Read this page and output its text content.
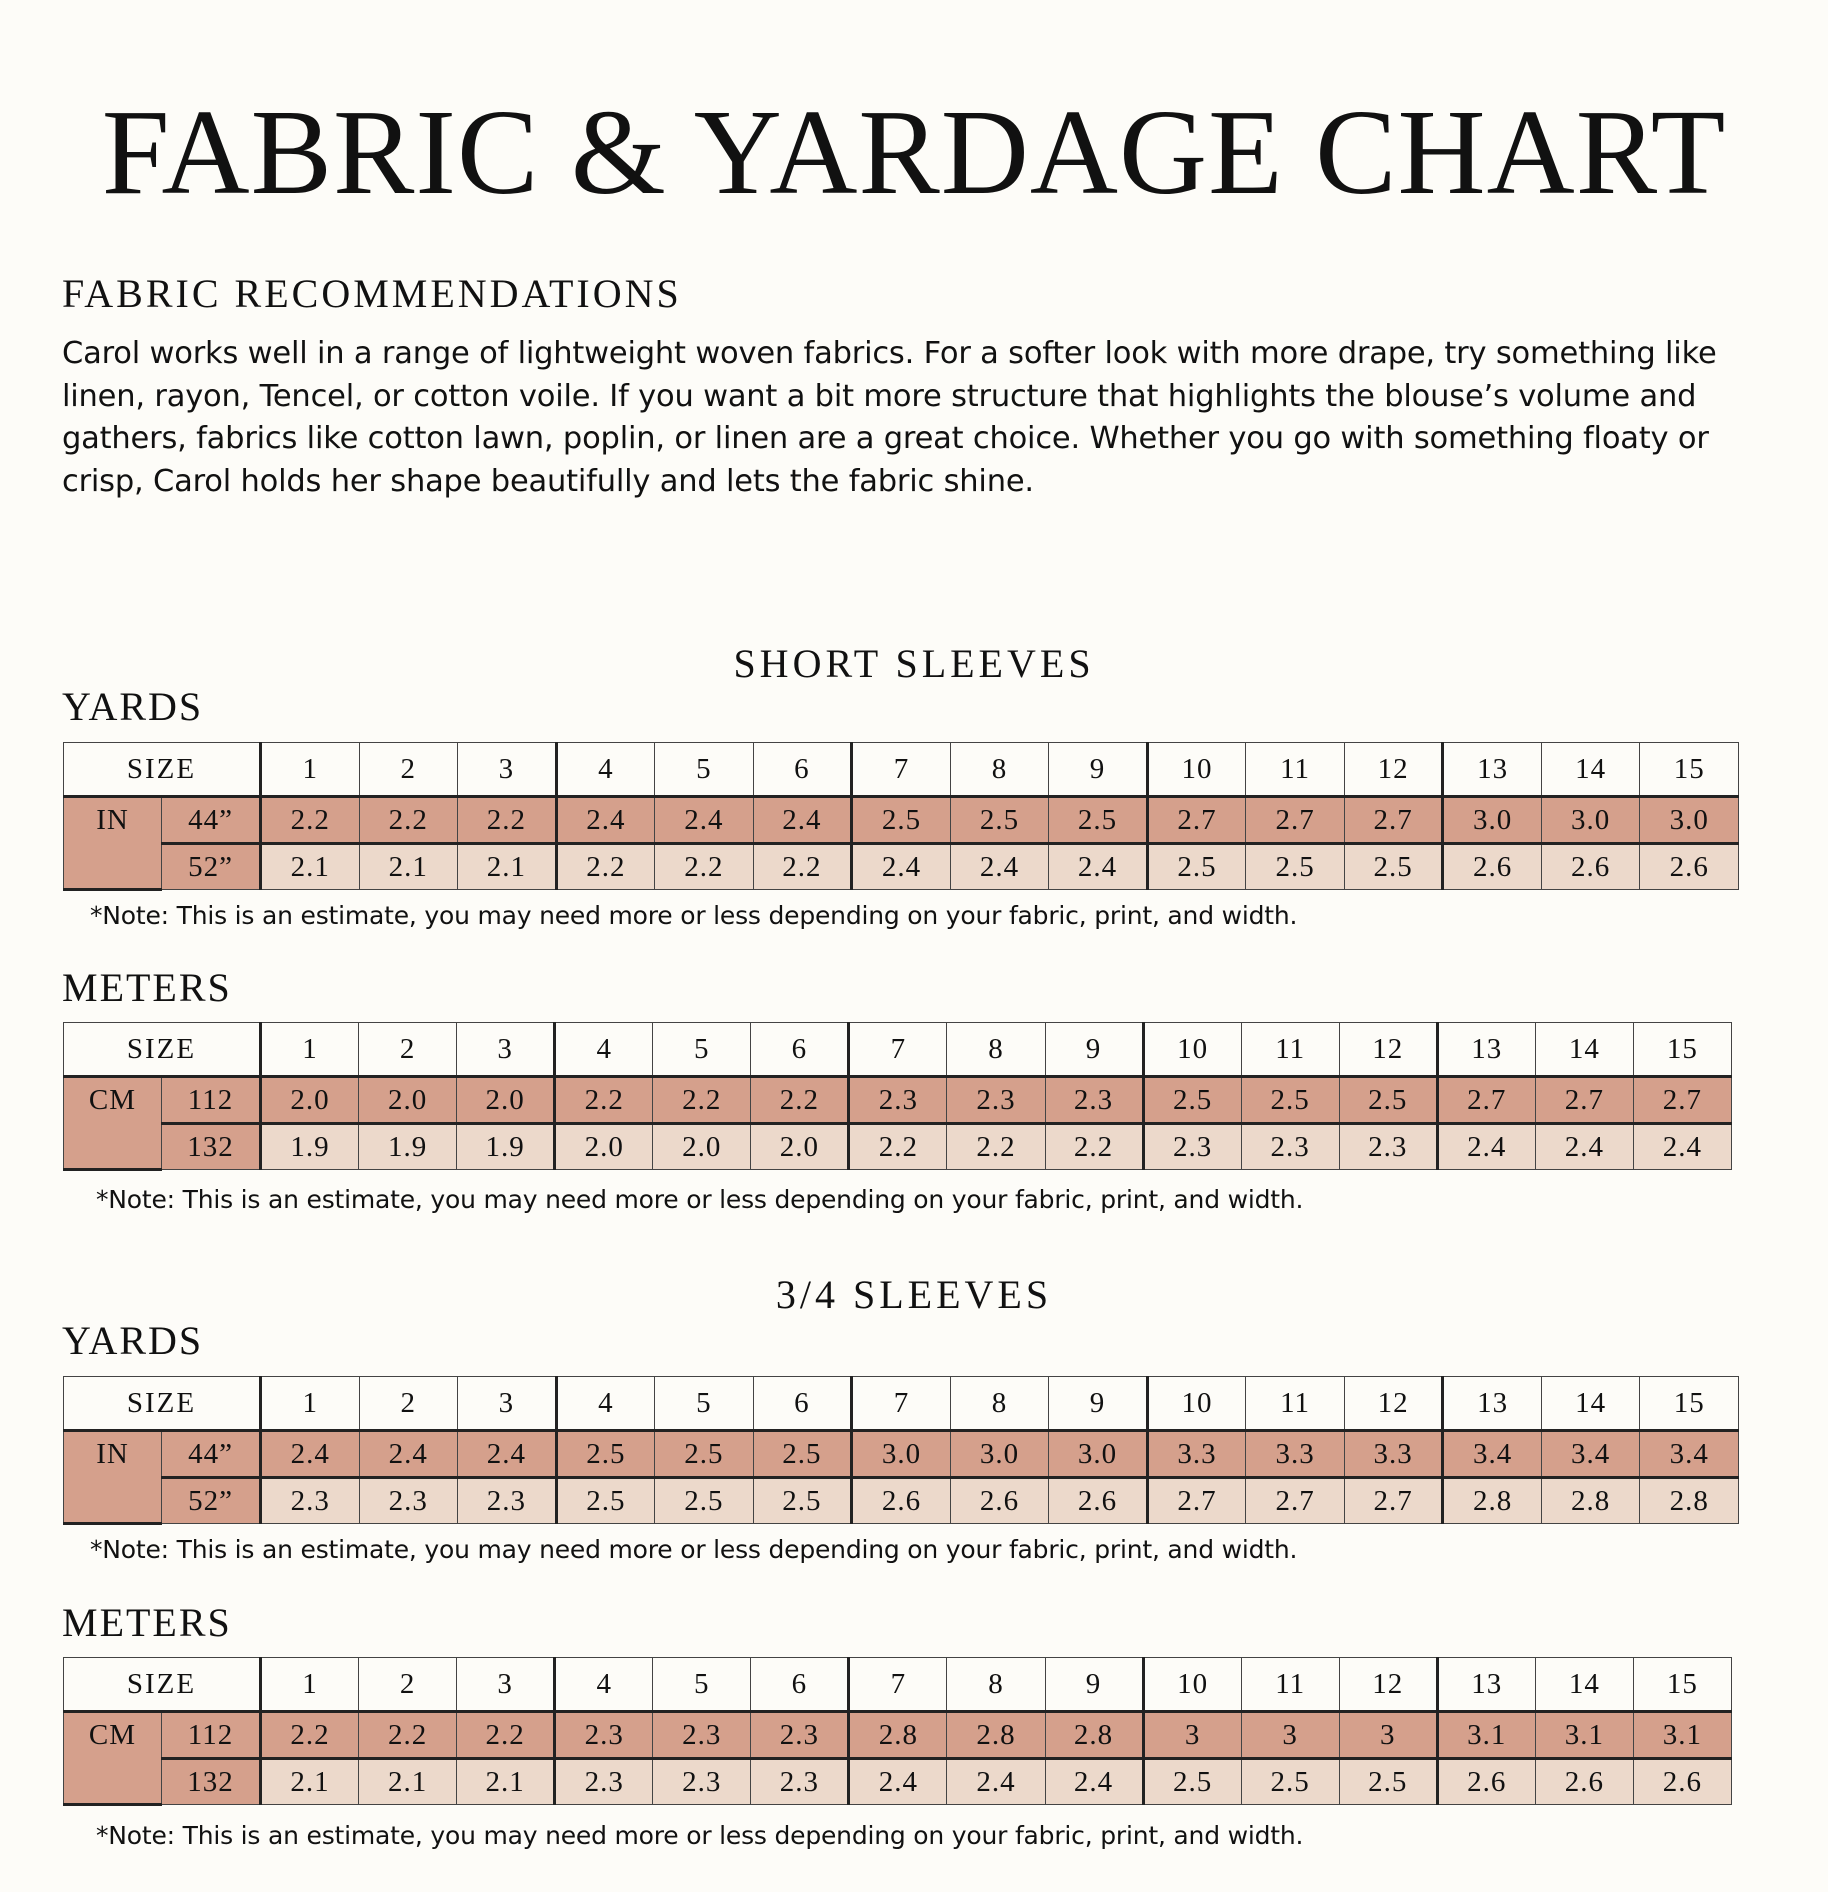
FABRIC & YARDAGE CHART
FABRIC RECOMMENDATIONS

Carol works well in a range of lightweight woven fabrics. For a softer look with more drape, try something like linen, rayon, Tencel, or cotton voile. If you want a bit more structure that highlights the blouse’s volume and gathers, fabrics like cotton lawn, poplin, or linen are a great choice. Whether you go with something floaty or crisp, Carol holds her shape beautifully and lets the fabric shine.

SHORT SLEEVES
YARDS
SIZE		1	2	3	4	5	6	7	8	9	10	11	12	13	14	15
IN	44”	2.2	2.2	2.2	2.4	2.4	2.4	2.5	2.5	2.5	2.7	2.7	2.7	3.0	3.0	3.0
	52”	2.1	2.1	2.1	2.2	2.2	2.2	2.4	2.4	2.4	2.5	2.5	2.5	2.6	2.6	2.6

*Note: This is an estimate, you may need more or less depending on your fabric, print, and width.

METERS
SIZE		1	2	3	4	5	6	7	8	9	10	11	12	13	14	15
CM	112	2.0	2.0	2.0	2.2	2.2	2.2	2.3	2.3	2.3	2.5	2.5	2.5	2.7	2.7	2.7
	132	1.9	1.9	1.9	2.0	2.0	2.0	2.2	2.2	2.2	2.3	2.3	2.3	2.4	2.4	2.4

*Note: This is an estimate, you may need more or less depending on your fabric, print, and width.

3/4 SLEEVES
YARDS
SIZE		1	2	3	4	5	6	7	8	9	10	11	12	13	14	15
IN	44”	2.4	2.4	2.4	2.5	2.5	2.5	3.0	3.0	3.0	3.3	3.3	3.3	3.4	3.4	3.4
	52”	2.3	2.3	2.3	2.5	2.5	2.5	2.6	2.6	2.6	2.7	2.7	2.7	2.8	2.8	2.8

*Note: This is an estimate, you may need more or less depending on your fabric, print, and width.

METERS
SIZE		1	2	3	4	5	6	7	8	9	10	11	12	13	14	15
CM	112	2.2	2.2	2.2	2.3	2.3	2.3	2.8	2.8	2.8	3	3	3	3.1	3.1	3.1
	132	2.1	2.1	2.1	2.3	2.3	2.3	2.4	2.4	2.4	2.5	2.5	2.5	2.6	2.6	2.6

*Note: This is an estimate, you may need more or less depending on your fabric, print, and width.
